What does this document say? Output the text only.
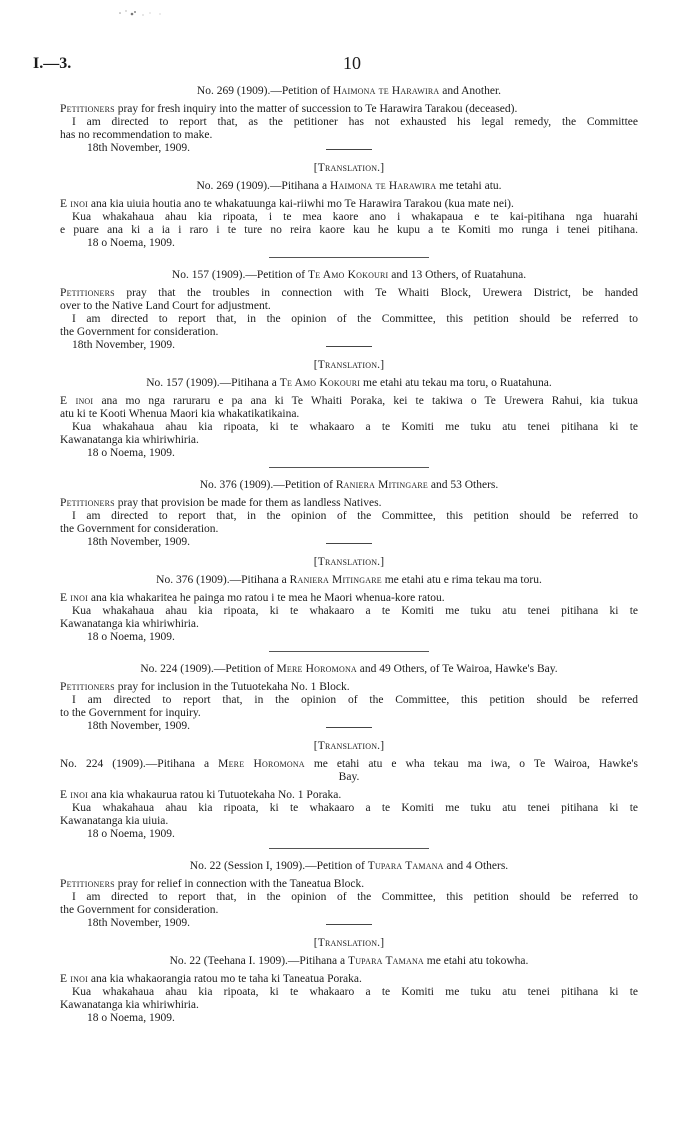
I.—3.	10
No. 269 (1909).—Petition of Haimona te Harawira and Another.
Petitioners pray for fresh inquiry into the matter of succession to Te Harawira Tarakou (deceased).
I am directed to report that, as the petitioner has not exhausted his legal remedy, the Committee
has no recommendation to make.
18th November, 1909.
[Translation.]
No. 269 (1909).—Pitihana a Haimona te Harawira me tetahi atu.
E inoi ana kia uiuia houtia ano te whakatuunga kai-riiwhi mo Te Harawira Tarakou (kua mate nei).
Kua whakahaua ahau kia ripoata, i te mea kaore ano i whakapaua e te kai-pitihana nga huarahi
e puare ana ki a ia i raro i te ture no reira kaore kau he kupu a te Komiti mo runga i tenei pitihana.
18 o Noema, 1909.
No. 157 (1909).—Petition of Te Amo Kokouri and 13 Others, of Ruatahuna.
Petitioners pray that the troubles in connection with Te Whaiti Block, Urewera District, be handed
over to the Native Land Court for adjustment.
I am directed to report that, in the opinion of the Committee, this petition should be referred to
the Government for consideration.
18th November, 1909.
[Translation.]
No. 157 (1909).—Pitihana a Te Amo Kokouri me etahi atu tekau ma toru, o Ruatahuna.
E inoi ana mo nga raruraru e pa ana ki Te Whaiti Poraka, kei te takiwa o Te Urewera Rahui, kia tukua
atu ki te Kooti Whenua Maori kia whakatikatikaina.
Kua whakahaua ahau kia ripoata, ki te whakaaro a te Komiti me tuku atu tenei pitihana ki te
Kawanatanga kia whiriwhiria.
18 o Noema, 1909.
No. 376 (1909).—Petition of Raniera Mitingare and 53 Others.
Petitioners pray that provision be made for them as landless Natives.
I am directed to report that, in the opinion of the Committee, this petition should be referred to
the Government for consideration.
18th November, 1909.
[Translation.]
No. 376 (1909).—Pitihana a Raniera Mitingare me etahi atu e rima tekau ma toru.
E inoi ana kia whakaritea he painga mo ratou i te mea he Maori whenua-kore ratou.
Kua whakahaua ahau kia ripoata, ki te whakaaro a te Komiti me tuku atu tenei pitihana ki te
Kawanatanga kia whiriwhiria.
18 o Noema, 1909.
No. 224 (1909).—Petition of Mere Horomona and 49 Others, of Te Wairoa, Hawke's Bay.
Petitioners pray for inclusion in the Tutuotekaha No. 1 Block.
I am directed to report that, in the opinion of the Committee, this petition should be referred
to the Government for inquiry.
18th November, 1909.
[Translation.]
No. 224 (1909).—Pitihana a Mere Horomona me etahi atu e wha tekau ma iwa, o Te Wairoa, Hawke's
Bay.
E inoi ana kia whakaurua ratou ki Tutuotekaha No. 1 Poraka.
Kua whakahaua ahau kia ripoata, ki te whakaaro a te Komiti me tuku atu tenei pitihana ki te
Kawanatanga kia uiuia.
18 o Noema, 1909.
No. 22 (Session I, 1909).—Petition of Tupara Tamana and 4 Others.
Petitioners pray for relief in connection with the Taneatua Block.
I am directed to report that, in the opinion of the Committee, this petition should be referred to
the Government for consideration.
18th November, 1909.
[Translation.]
No. 22 (Teehana I. 1909).—Pitihana a Tupara Tamana me etahi atu tokowha.
E inoi ana kia whakaorangia ratou mo te taha ki Taneatua Poraka.
Kua whakahaua ahau kia ripoata, ki te whakaaro a te Komiti me tuku atu tenei pitihana ki te
Kawanatanga kia whiriwhiria.
18 o Noema, 1909.
